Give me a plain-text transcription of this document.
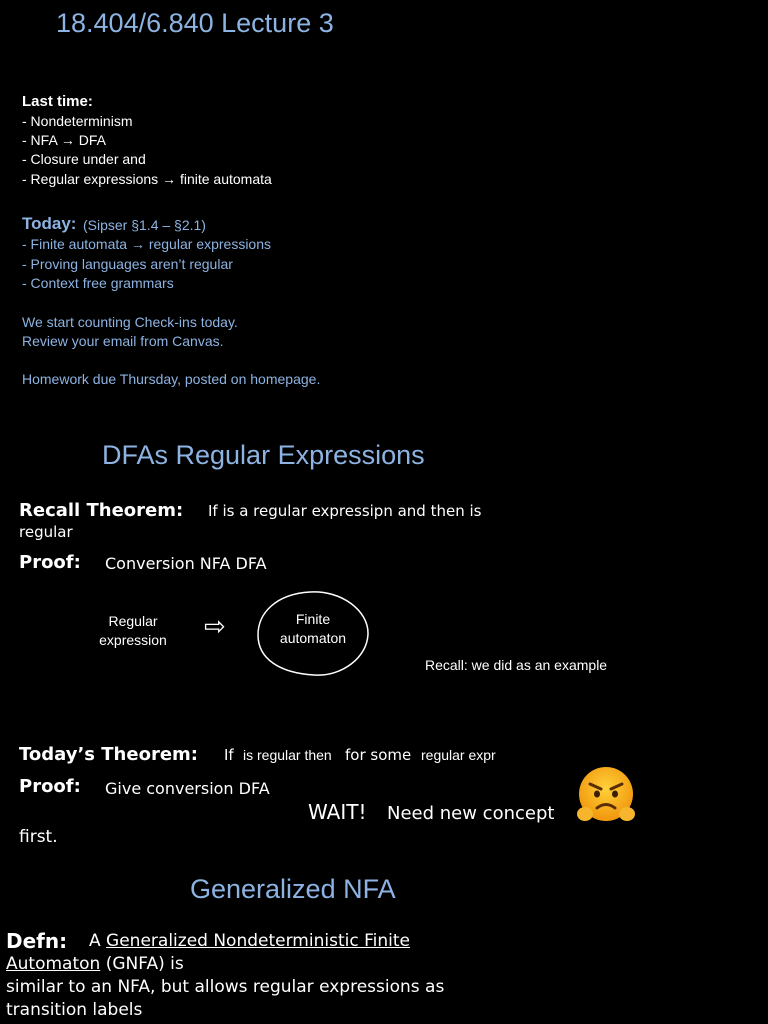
18.404/6.840 Lecture 3
Last time:
- Nondeterminism
- NFA → DFA
- Closure under and
- Regular expressions → finite automata
Today: (Sipser §1.4 – §2.1)
- Finite automata → regular expressions
- Proving languages aren’t regular
- Context free grammars
We start counting Check-ins today.
Review your email from Canvas.
Homework due Thursday, posted on homepage.
DFAs Regular Expressions
Recall Theorem: If is a regular expressipn and then is
regular
Proof: Conversion NFA DFA
Regular
expression ⇨	Finite
automaton
Recall: we did as an example
Today’s Theorem: If is regular then for some regular expr
Proof: Give conversion DFA
WAIT! Need new concept
first.
Generalized NFA
Defn: A Generalized Nondeterministic Finite
Automaton (GNFA) is
similar to an NFA, but allows regular expressions as
transition labels
